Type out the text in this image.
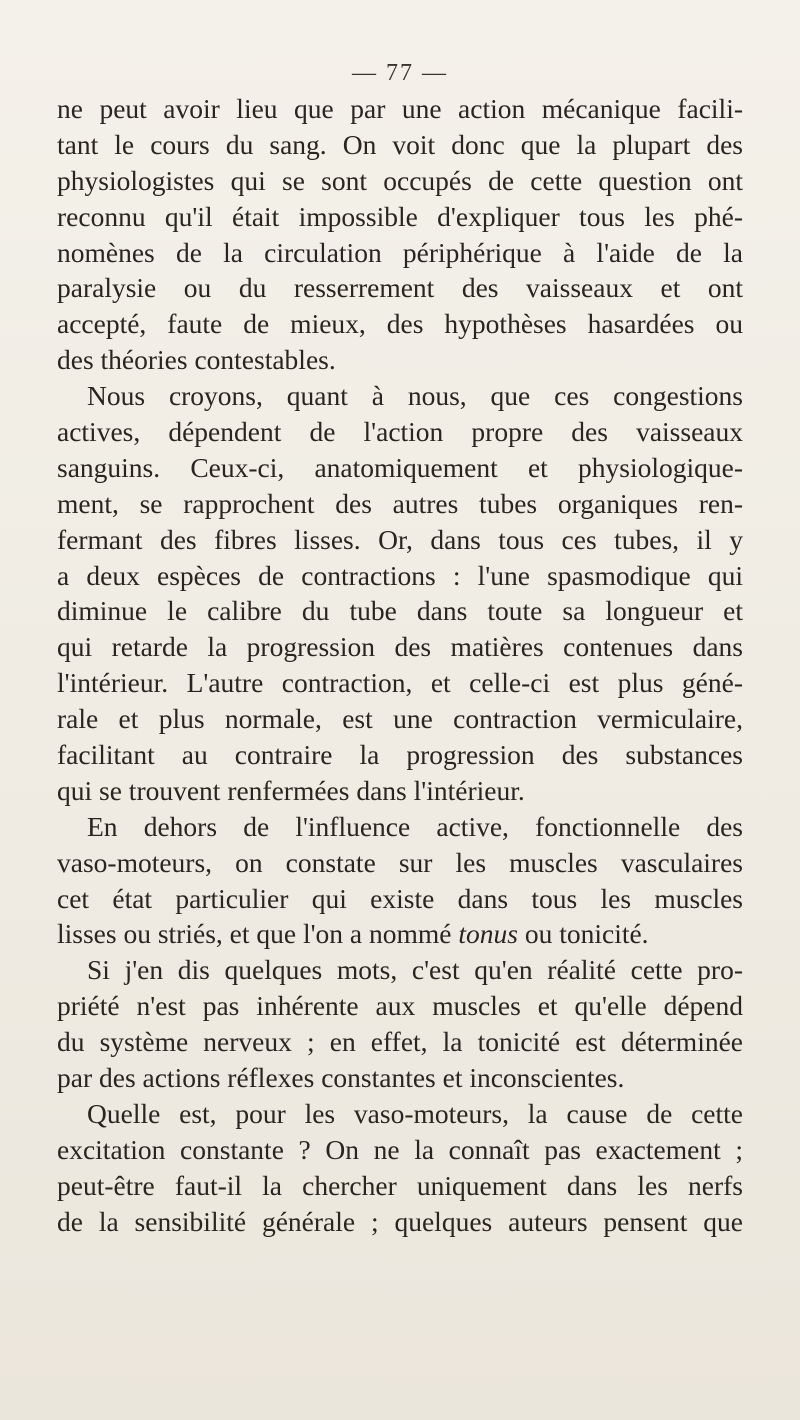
— 77 —
ne peut avoir lieu que par une action mécanique facili-
tant le cours du sang. On voit donc que la plupart des
physiologistes qui se sont occupés de cette question ont
reconnu qu'il était impossible d'expliquer tous les phé-
nomènes de la circulation périphérique à l'aide de la
paralysie ou du resserrement des vaisseaux et ont
accepté, faute de mieux, des hypothèses hasardées ou
des théories contestables.
Nous croyons, quant à nous, que ces congestions
actives, dépendent de l'action propre des vaisseaux
sanguins. Ceux-ci, anatomiquement et physiologique-
ment, se rapprochent des autres tubes organiques ren-
fermant des fibres lisses. Or, dans tous ces tubes, il y
a deux espèces de contractions : l'une spasmodique qui
diminue le calibre du tube dans toute sa longueur et
qui retarde la progression des matières contenues dans
l'intérieur. L'autre contraction, et celle-ci est plus géné-
rale et plus normale, est une contraction vermiculaire,
facilitant au contraire la progression des substances
qui se trouvent renfermées dans l'intérieur.
En dehors de l'influence active, fonctionnelle des
vaso-moteurs, on constate sur les muscles vasculaires
cet état particulier qui existe dans tous les muscles
lisses ou striés, et que l'on a nommé tonus ou tonicité.
Si j'en dis quelques mots, c'est qu'en réalité cette pro-
priété n'est pas inhérente aux muscles et qu'elle dépend
du système nerveux ; en effet, la tonicité est déterminée
par des actions réflexes constantes et inconscientes.
Quelle est, pour les vaso-moteurs, la cause de cette
excitation constante ? On ne la connaît pas exactement ;
peut-être faut-il la chercher uniquement dans les nerfs
de la sensibilité générale ; quelques auteurs pensent que
